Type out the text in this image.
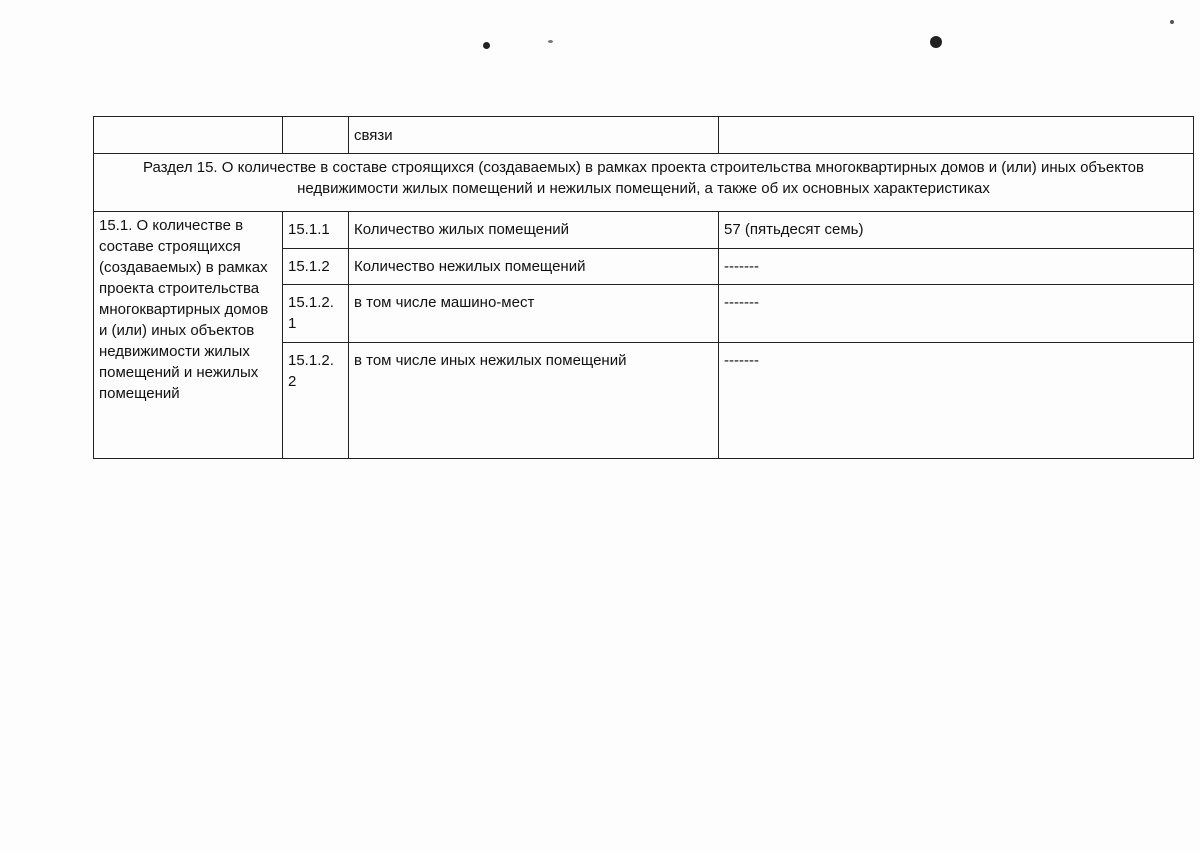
		связи	
Раздел 15. О количестве в составе строящихся (создаваемых) в рамках проекта строительства многоквартирных домов и (или) иных объектов недвижимости жилых помещений и нежилых помещений, а также об их основных характеристиках			
15.1. О количестве в составе строящихся (создаваемых) в рамках проекта строительства многоквартирных домов и (или) иных объектов недвижимости жилых помещений и нежилых помещений	15.1.1	Количество жилых помещений	57 (пятьдесят семь)
	15.1.2	Количество нежилых помещений	-------
	15.1.2. 1	в том числе машино-мест	-------
	15.1.2. 2	в том числе иных нежилых помещений	-------
